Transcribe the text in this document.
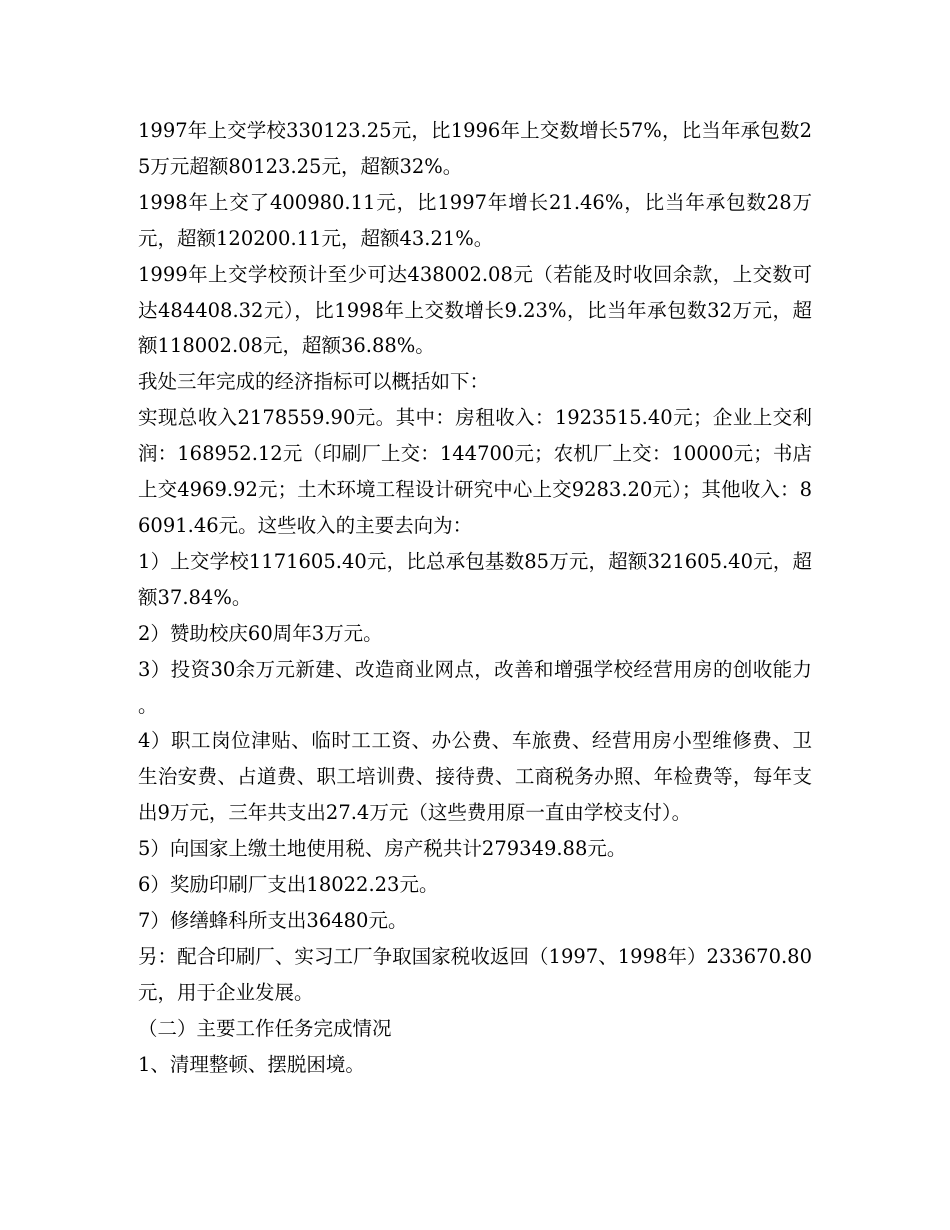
1997年上交学校330123.25元，比1996年上交数增长57%，比当年承包数25万元超额80123.25元，超额32%。

1998年上交了400980.11元，比1997年增长21.46%，比当年承包数28万元，超额120200.11元，超额43.21%。

1999年上交学校预计至少可达438002.08元（若能及时收回余款，上交数可达484408.32元），比1998年上交数增长9.23%，比当年承包数32万元，超额118002.08元，超额36.88%。

我处三年完成的经济指标可以概括如下：

实现总收入2178559.90元。其中：房租收入：1923515.40元；企业上交利润：168952.12元（印刷厂上交：144700元；农机厂上交：10000元；书店上交4969.92元；土木环境工程设计研究中心上交9283.20元）；其他收入：86091.46元。这些收入的主要去向为：

1）上交学校1171605.40元，比总承包基数85万元，超额321605.40元，超额37.84%。

2）赞助校庆60周年3万元。

3）投资30余万元新建、改造商业网点，改善和增强学校经营用房的创收能力。

4）职工岗位津贴、临时工工资、办公费、车旅费、经营用房小型维修费、卫生治安费、占道费、职工培训费、接待费、工商税务办照、年检费等，每年支出9万元，三年共支出27.4万元（这些费用原一直由学校支付）。

5）向国家上缴土地使用税、房产税共计279349.88元。

6）奖励印刷厂支出18022.23元。

7）修缮蜂科所支出36480元。

另：配合印刷厂、实习工厂争取国家税收返回（1997、1998年）233670.80元，用于企业发展。

（二）主要工作任务完成情况

1、清理整顿、摆脱困境。
